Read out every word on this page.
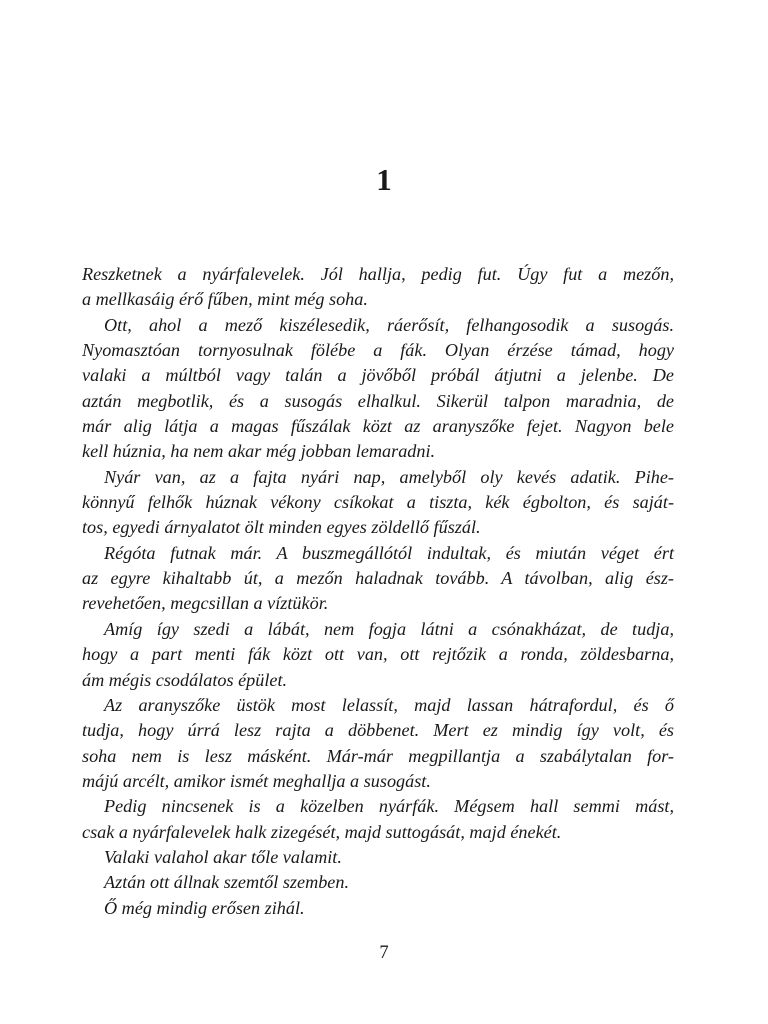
1
Reszketnek a nyárfalevelek. Jól hallja, pedig fut. Úgy fut a mezőn,
a mellkasáig érő fűben, mint még soha.
Ott, ahol a mező kiszélesedik, ráerősít, felhangosodik a susogás.
Nyomasztóan tornyosulnak fölébe a fák. Olyan érzése támad, hogy
valaki a múltból vagy talán a jövőből próbál átjutni a jelenbe. De
aztán megbotlik, és a susogás elhalkul. Sikerül talpon maradnia, de
már alig látja a magas fűszálak közt az aranyszőke fejet. Nagyon bele
kell húznia, ha nem akar még jobban lemaradni.
Nyár van, az a fajta nyári nap, amelyből oly kevés adatik. Pihe-
könnyű felhők húznak vékony csíkokat a tiszta, kék égbolton, és saját-
tos, egyedi árnyalatot ölt minden egyes zöldellő fűszál.
Régóta futnak már. A buszmegállótól indultak, és miután véget ért
az egyre kihaltabb út, a mezőn haladnak tovább. A távolban, alig ész-
revehetően, megcsillan a víztükör.
Amíg így szedi a lábát, nem fogja látni a csónakházat, de tudja,
hogy a part menti fák közt ott van, ott rejtőzik a ronda, zöldesbarna,
ám mégis csodálatos épület.
Az aranyszőke üstök most lelassít, majd lassan hátrafordul, és ő
tudja, hogy úrrá lesz rajta a döbbenet. Mert ez mindig így volt, és
soha nem is lesz másként. Már-már megpillantja a szabálytalan for-
májú arcélt, amikor ismét meghallja a susogást.
Pedig nincsenek is a közelben nyárfák. Mégsem hall semmi mást,
csak a nyárfalevelek halk zizegését, majd suttogását, majd énekét.
Valaki valahol akar tőle valamit.
Aztán ott állnak szemtől szemben.
Ő még mindig erősen zihál.
7
